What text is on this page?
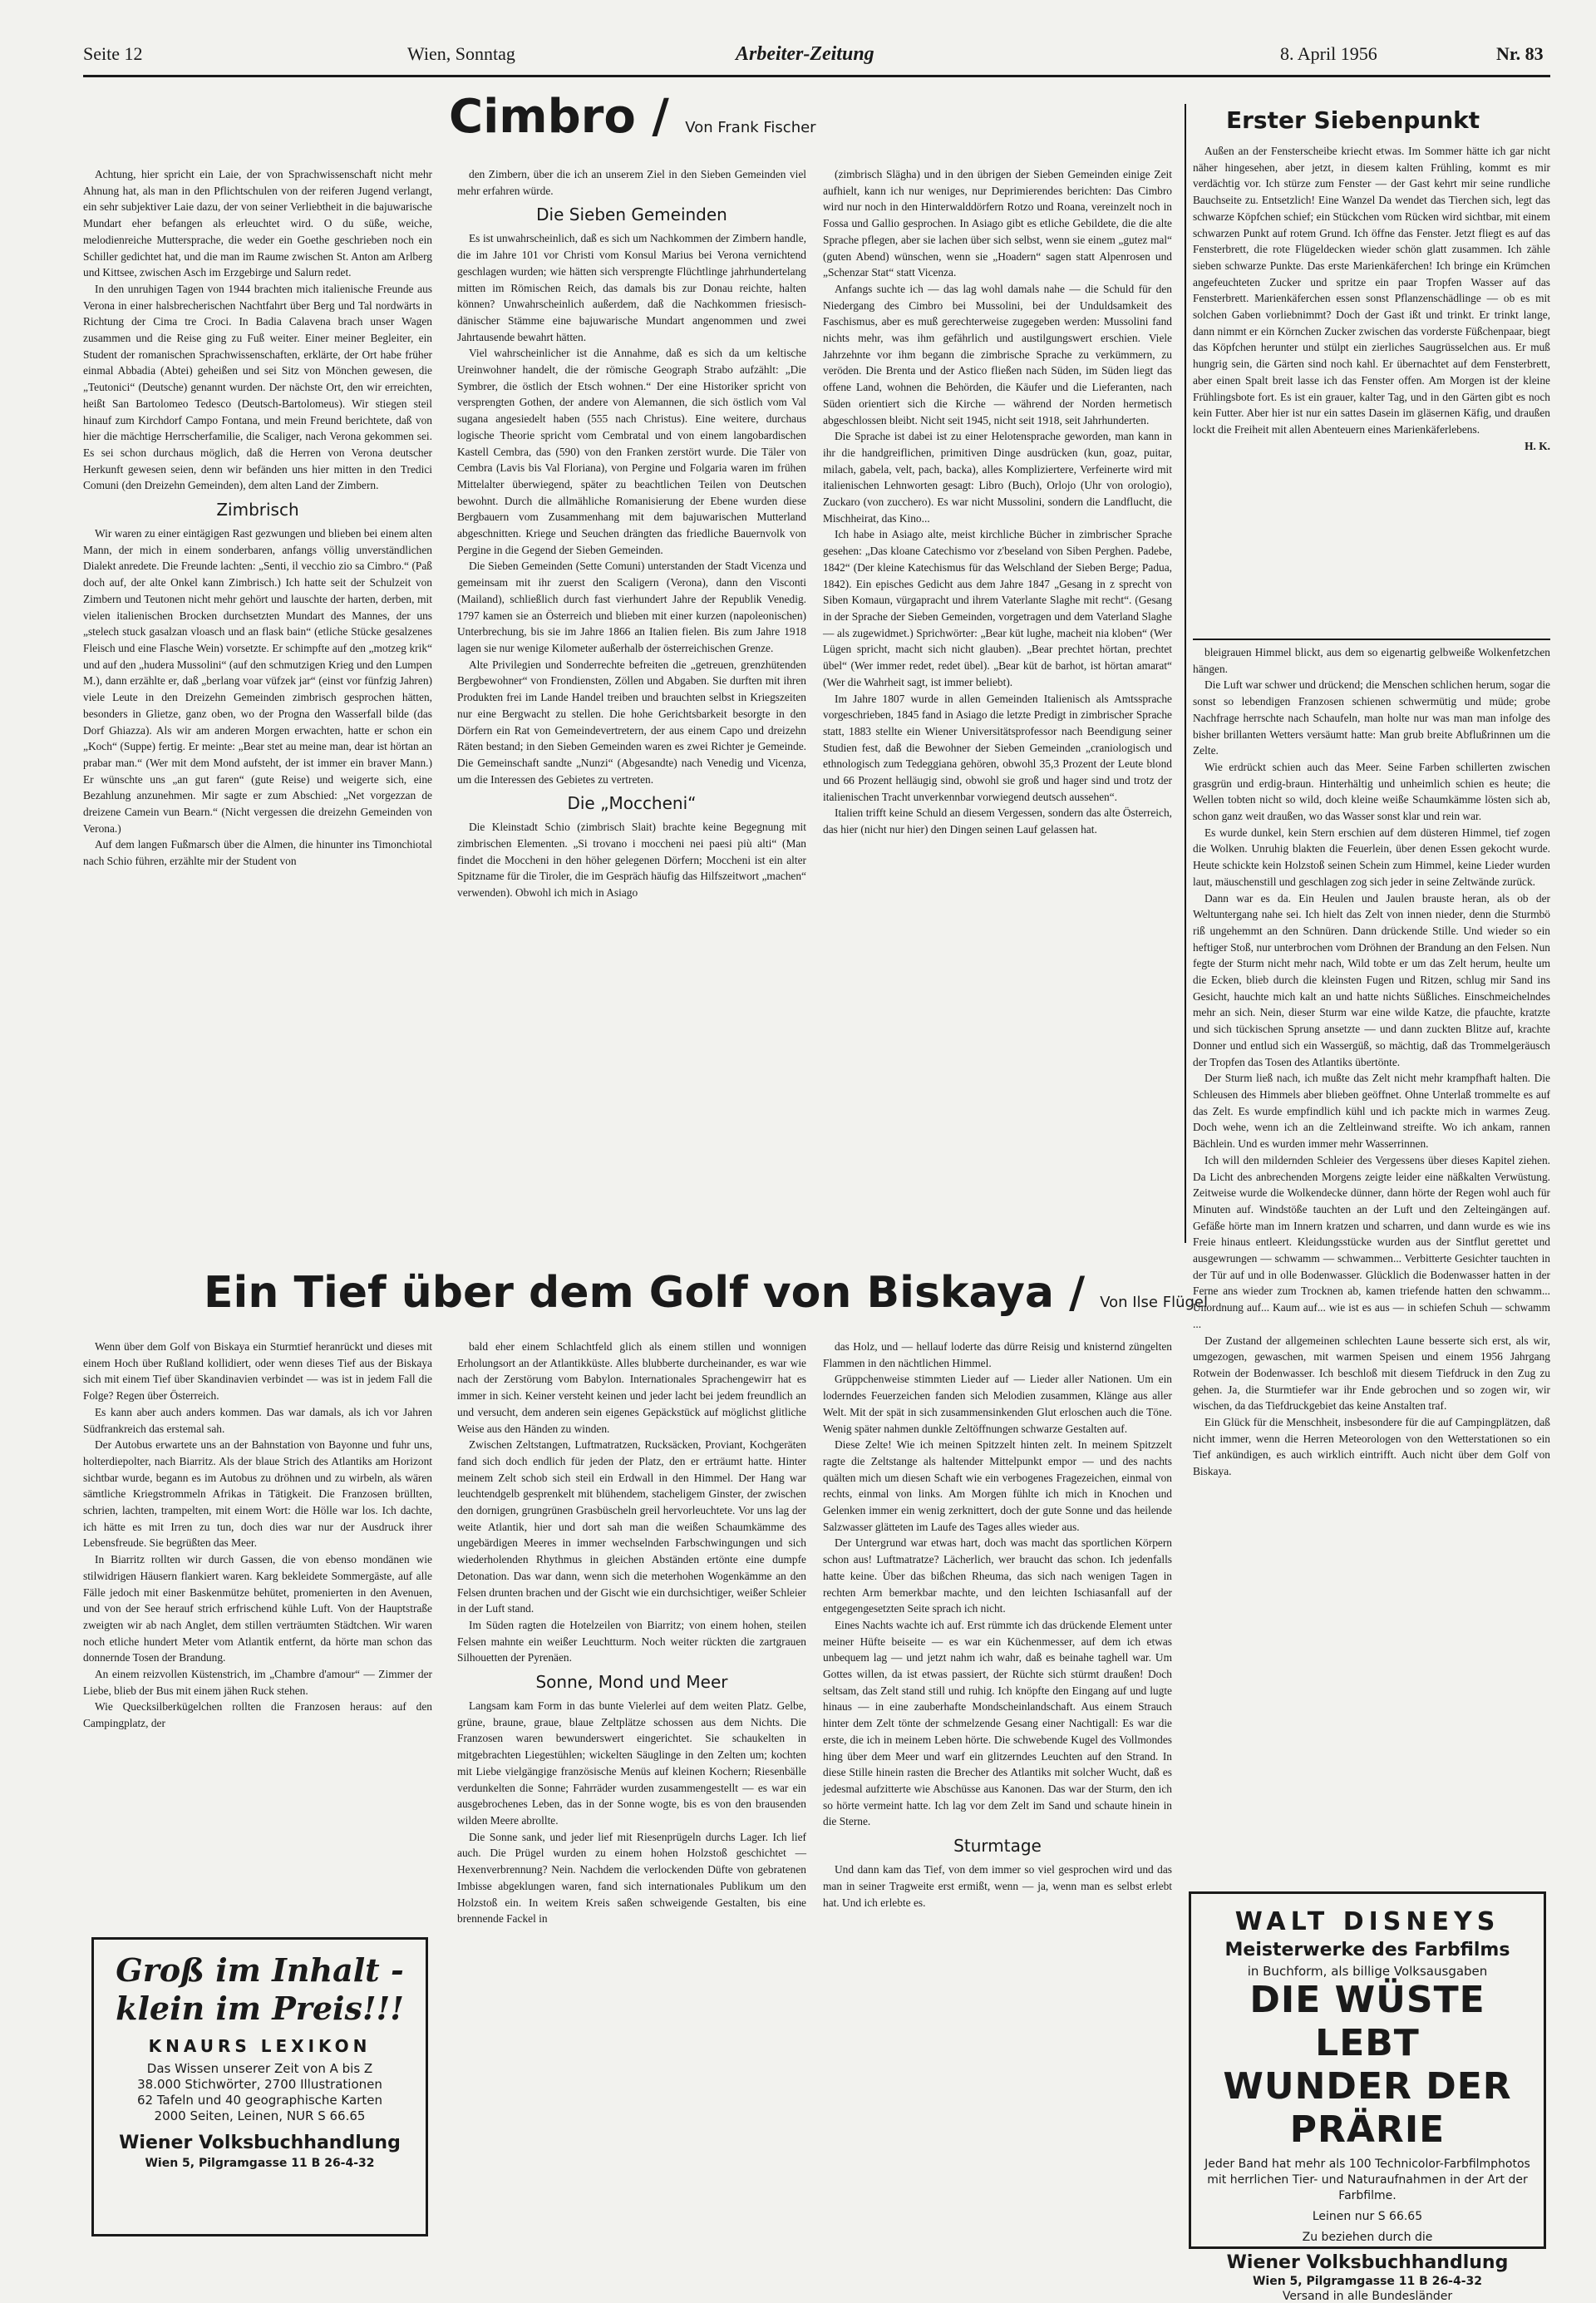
Seite 12	Wien, Sonntag	Arbeiter-Zeitung	8. April 1956	Nr. 83
Cimbro / Von Frank Fischer

Achtung, hier spricht ein Laie, der von Sprachwissenschaft nicht mehr Ahnung hat, als man in den Pflichtschulen von der reiferen Jugend verlangt, ein sehr subjektiver Laie dazu, der von seiner Verliebtheit in die bajuwarische Mundart eher befangen als erleuchtet wird. O du süße, weiche, melodienreiche Muttersprache, die weder ein Goethe geschrieben noch ein Schiller gedichtet hat, und die man im Raume zwischen St. Anton am Arlberg und Kittsee, zwischen Asch im Erzgebirge und Salurn redet.

In den unruhigen Tagen von 1944 brachten mich italienische Freunde aus Verona in einer halsbrecherischen Nachtfahrt über Berg und Tal nordwärts in Richtung der Cima tre Croci. In Badia Calavena brach unser Wagen zusammen und die Reise ging zu Fuß weiter. Einer meiner Begleiter, ein Student der romanischen Sprachwissenschaften, erklärte, der Ort habe früher einmal Abbadia (Abtei) geheißen und sei Sitz von Mönchen gewesen, die „Teutonici“ (Deutsche) genannt wurden. Der nächste Ort, den wir erreichten, heißt San Bartolomeo Tedesco (Deutsch-Bartolomeus). Wir stiegen steil hinauf zum Kirchdorf Campo Fontana, und mein Freund berichtete, daß von hier die mächtige Herrscherfamilie, die Scaliger, nach Verona gekommen sei. Es sei schon durchaus möglich, daß die Herren von Verona deutscher Herkunft gewesen seien, denn wir befänden uns hier mitten in den Tredici Comuni (den Dreizehn Gemeinden), dem alten Land der Zimbern.

Zimbrisch

Wir waren zu einer eintägigen Rast gezwungen und blieben bei einem alten Mann, der mich in einem sonderbaren, anfangs völlig unverständlichen Dialekt anredete. Die Freunde lachten: „Senti, il vecchio zio sa Cimbro.“ (Paß doch auf, der alte Onkel kann Zimbrisch.) Ich hatte seit der Schulzeit von Zimbern und Teutonen nicht mehr gehört und lauschte der harten, derben, mit vielen italienischen Brocken durchsetzten Mundart des Mannes, der uns „stelech stuck gasalzan vloasch und an flask bain“ (etliche Stücke gesalzenes Fleisch und eine Flasche Wein) vorsetzte. Er schimpfte auf den „motzeg krik“ und auf den „hudera Mussolini“ (auf den schmutzigen Krieg und den Lumpen M.), dann erzählte er, daß „berlang voar vüfzek jar“ (einst vor fünfzig Jahren) viele Leute in den Dreizehn Gemeinden zimbrisch gesprochen hätten, besonders in Glietze, ganz oben, wo der Progna den Wasserfall bilde (das Dorf Ghiazza). Als wir am anderen Morgen erwachten, hatte er schon ein „Koch“ (Suppe) fertig. Er meinte: „Bear stet au meine man, dear ist hörtan an prabar man.“ (Wer mit dem Mond aufsteht, der ist immer ein braver Mann.) Er wünschte uns „an gut faren“ (gute Reise) und weigerte sich, eine Bezahlung anzunehmen. Mir sagte er zum Abschied: „Net vorgezzan de dreizene Camein vun Bearn.“ (Nicht vergessen die dreizehn Gemeinden von Verona.)

Auf dem langen Fußmarsch über die Almen, die hinunter ins Timonchiotal nach Schio führen, erzählte mir der Student von

den Zimbern, über die ich an unserem Ziel in den Sieben Gemeinden viel mehr erfahren würde.

Die Sieben Gemeinden

Es ist unwahrscheinlich, daß es sich um Nachkommen der Zimbern handle, die im Jahre 101 vor Christi vom Konsul Marius bei Verona vernichtend geschlagen wurden; wie hätten sich versprengte Flüchtlinge jahrhundertelang mitten im Römischen Reich, das damals bis zur Donau reichte, halten können? Unwahrscheinlich außerdem, daß die Nachkommen friesisch-dänischer Stämme eine bajuwarische Mundart angenommen und zwei Jahrtausende bewahrt hätten.

Viel wahrscheinlicher ist die Annahme, daß es sich da um keltische Ureinwohner handelt, die der römische Geograph Strabo aufzählt: „Die Symbrer, die östlich der Etsch wohnen.“ Der eine Historiker spricht von versprengten Gothen, der andere von Alemannen, die sich östlich vom Val sugana angesiedelt haben (555 nach Christus). Eine weitere, durchaus logische Theorie spricht vom Cembratal und von einem langobardischen Kastell Cembra, das (590) von den Franken zerstört wurde. Die Täler von Cembra (Lavis bis Val Floriana), von Pergine und Folgaria waren im frühen Mittelalter überwiegend, später zu beachtlichen Teilen von Deutschen bewohnt. Durch die allmähliche Romanisierung der Ebene wurden diese Bergbauern vom Zusammenhang mit dem bajuwarischen Mutterland abgeschnitten. Kriege und Seuchen drängten das friedliche Bauernvolk von Pergine in die Gegend der Sieben Gemeinden.

Die Sieben Gemeinden (Sette Comuni) unterstanden der Stadt Vicenza und gemeinsam mit ihr zuerst den Scaligern (Verona), dann den Visconti (Mailand), schließlich durch fast vierhundert Jahre der Republik Venedig. 1797 kamen sie an Österreich und blieben mit einer kurzen (napoleonischen) Unterbrechung, bis sie im Jahre 1866 an Italien fielen. Bis zum Jahre 1918 lagen sie nur wenige Kilometer außerhalb der österreichischen Grenze.

Alte Privilegien und Sonderrechte befreiten die „getreuen, grenzhütenden Bergbewohner“ von Frondiensten, Zöllen und Abgaben. Sie durften mit ihren Produkten frei im Lande Handel treiben und brauchten selbst in Kriegszeiten nur eine Bergwacht zu stellen. Die hohe Gerichtsbarkeit besorgte in den Dörfern ein Rat von Gemeindevertretern, der aus einem Capo und dreizehn Räten bestand; in den Sieben Gemeinden waren es zwei Richter je Gemeinde. Die Gemeinschaft sandte „Nunzi“ (Abgesandte) nach Venedig und Vicenza, um die Interessen des Gebietes zu vertreten.

Die „Moccheni“

Die Kleinstadt Schio (zimbrisch Slait) brachte keine Begegnung mit zimbrischen Elementen. „Si trovano i moccheni nei paesi più alti“ (Man findet die Moccheni in den höher gelegenen Dörfern; Moccheni ist ein alter Spitzname für die Tiroler, die im Gespräch häufig das Hilfszeitwort „machen“ verwenden). Obwohl ich mich in Asiago

(zimbrisch Slägha) und in den übrigen der Sieben Gemeinden einige Zeit aufhielt, kann ich nur weniges, nur Deprimierendes berichten: Das Cimbro wird nur noch in den Hinterwalddörfern Rotzo und Roana, vereinzelt noch in Fossa und Gallio gesprochen. In Asiago gibt es etliche Gebildete, die die alte Sprache pflegen, aber sie lachen über sich selbst, wenn sie einem „gutez mal“ (guten Abend) wünschen, wenn sie „Hoadern“ sagen statt Alpenrosen und „Schenzar Stat“ statt Vicenza.

Anfangs suchte ich — das lag wohl damals nahe — die Schuld für den Niedergang des Cimbro bei Mussolini, bei der Unduldsamkeit des Faschismus, aber es muß gerechterweise zugegeben werden: Mussolini fand nichts mehr, was ihm gefährlich und austilgungswert erschien. Viele Jahrzehnte vor ihm begann die zimbrische Sprache zu verkümmern, zu veröden. Die Brenta und der Astico fließen nach Süden, im Süden liegt das offene Land, wohnen die Behörden, die Käufer und die Lieferanten, nach Süden orientiert sich die Kirche — während der Norden hermetisch abgeschlossen bleibt. Nicht seit 1945, nicht seit 1918, seit Jahrhunderten.

Die Sprache ist dabei ist zu einer Helotensprache geworden, man kann in ihr die handgreiflichen, primitiven Dinge ausdrücken (kun, goaz, puitar, milach, gabela, velt, pach, backa), alles Kompliziertere, Verfeinerte wird mit italienischen Lehnworten gesagt: Libro (Buch), Orlojo (Uhr von orologio), Zuckaro (von zucchero). Es war nicht Mussolini, sondern die Landflucht, die Mischheirat, das Kino...

Ich habe in Asiago alte, meist kirchliche Bücher in zimbrischer Sprache gesehen: „Das kloane Catechismo vor z'beseland von Siben Perghen. Padebe, 1842“ (Der kleine Katechismus für das Welschland der Sieben Berge; Padua, 1842). Ein episches Gedicht aus dem Jahre 1847 „Gesang in z sprecht von Siben Komaun, vürgapracht und ihrem Vaterlante Slaghe mit recht“. (Gesang in der Sprache der Sieben Gemeinden, vorgetragen und dem Vaterland Slaghe — als zugewidmet.) Sprichwörter: „Bear küt lughe, macheit nia kloben“ (Wer Lügen spricht, macht sich nicht glauben). „Bear prechtet hörtan, prechtet übel“ (Wer immer redet, redet übel). „Bear küt de barhot, ist hörtan amarat“ (Wer die Wahrheit sagt, ist immer beliebt).

Im Jahre 1807 wurde in allen Gemeinden Italienisch als Amtssprache vorgeschrieben, 1845 fand in Asiago die letzte Predigt in zimbrischer Sprache statt, 1883 stellte ein Wiener Universitätsprofessor nach Beendigung seiner Studien fest, daß die Bewohner der Sieben Gemeinden „craniologisch und ethnologisch zum Tedeggiana gehören, obwohl 35,3 Prozent der Leute blond und 66 Prozent helläugig sind, obwohl sie groß und hager sind und trotz der italienischen Tracht unverkennbar vorwiegend deutsch aussehen“.

Italien trifft keine Schuld an diesem Vergessen, sondern das alte Österreich, das hier (nicht nur hier) den Dingen seinen Lauf gelassen hat.

Erster Siebenpunkt

Außen an der Fensterscheibe kriecht etwas. Im Sommer hätte ich gar nicht näher hingesehen, aber jetzt, in diesem kalten Frühling, kommt es mir verdächtig vor. Ich stürze zum Fenster — der Gast kehrt mir seine rundliche Bauchseite zu. Entsetzlich! Eine Wanzel Da wendet das Tierchen sich, legt das schwarze Köpfchen schief; ein Stückchen vom Rücken wird sichtbar, mit einem schwarzen Punkt auf rotem Grund. Ich öffne das Fenster. Jetzt fliegt es auf das Fensterbrett, die rote Flügeldecken wieder schön glatt zusammen. Ich zähle sieben schwarze Punkte. Das erste Marienkäferchen! Ich bringe ein Krümchen angefeuchteten Zucker und spritze ein paar Tropfen Wasser auf das Fensterbrett. Marienkäferchen essen sonst Pflanzenschädlinge — ob es mit solchen Gaben vorliebnimmt? Doch der Gast ißt und trinkt. Er trinkt lange, dann nimmt er ein Körnchen Zucker zwischen das vorderste Füßchenpaar, biegt das Köpfchen herunter und stülpt ein zierliches Saugrüsselchen aus. Er muß hungrig sein, die Gärten sind noch kahl. Er übernachtet auf dem Fensterbrett, aber einen Spalt breit lasse ich das Fenster offen. Am Morgen ist der kleine Frühlingsbote fort. Es ist ein grauer, kalter Tag, und in den Gärten gibt es noch kein Futter. Aber hier ist nur ein sattes Dasein im gläsernen Käfig, und draußen lockt die Freiheit mit allen Abenteuern eines Marienkäferlebens.

H. K.

bleigrauen Himmel blickt, aus dem so eigenartig gelbweiße Wolkenfetzchen hängen.

Die Luft war schwer und drückend; die Menschen schlichen herum, sogar die sonst so lebendigen Franzosen schienen schwermütig und müde; grobe Nachfrage herrschte nach Schaufeln, man holte nur was man man infolge des bisher brillanten Wetters versäumt hatte: Man grub breite Abflußrinnen um die Zelte.

Wie erdrückt schien auch das Meer. Seine Farben schillerten zwischen grasgrün und erdig-braun. Hinterhältig und unheimlich schien es heute; die Wellen tobten nicht so wild, doch kleine weiße Schaumkämme lösten sich ab, schon ganz weit draußen, wo das Wasser sonst klar und rein war.

Es wurde dunkel, kein Stern erschien auf dem düsteren Himmel, tief zogen die Wolken. Unruhig blakten die Feuerlein, über denen Essen gekocht wurde. Heute schickte kein Holzstoß seinen Schein zum Himmel, keine Lieder wurden laut, mäuschenstill und geschlagen zog sich jeder in seine Zeltwände zurück.

Dann war es da. Ein Heulen und Jaulen brauste heran, als ob der Weltuntergang nahe sei. Ich hielt das Zelt von innen nieder, denn die Sturmbö riß ungehemmt an den Schnüren. Dann drückende Stille. Und wieder so ein heftiger Stoß, nur unterbrochen vom Dröhnen der Brandung an den Felsen. Nun fegte der Sturm nicht mehr nach, Wild tobte er um das Zelt herum, heulte um die Ecken, blieb durch die kleinsten Fugen und Ritzen, schlug mir Sand ins Gesicht, hauchte mich kalt an und hatte nichts Süßliches. Einschmeichelndes mehr an sich. Nein, dieser Sturm war eine wilde Katze, die pfauchte, kratzte und sich tückischen Sprung ansetzte — und dann zuckten Blitze auf, krachte Donner und entlud sich ein Wassergüß, so mächtig, daß das Trommelgeräusch der Tropfen das Tosen des Atlantiks übertönte.

Der Sturm ließ nach, ich mußte das Zelt nicht mehr krampfhaft halten. Die Schleusen des Himmels aber blieben geöffnet. Ohne Unterlaß trommelte es auf das Zelt. Es wurde empfindlich kühl und ich packte mich in warmes Zeug. Doch wehe, wenn ich an die Zeltleinwand streifte. Wo ich ankam, rannen Bächlein. Und es wurden immer mehr Wasserrinnen.

Ich will den mildernden Schleier des Vergessens über dieses Kapitel ziehen. Da Licht des anbrechenden Morgens zeigte leider eine näßkalten Verwüstung. Zeitweise wurde die Wolkendecke dünner, dann hörte der Regen wohl auch für Minuten auf. Windstöße tauchten an der Luft und den Zelteingängen auf. Gefäße hörte man im Innern kratzen und scharren, und dann wurde es wie ins Freie hinaus entleert. Kleidungsstücke wurden aus der Sintflut gerettet und ausgewrungen — schwamm — schwammen... Verbitterte Gesichter tauchten in der Tür auf und in olle Bodenwasser. Glücklich die Bodenwasser hatten in der Ferne ans wieder zum Trocknen ab, kamen triefende hatten den schwamm... Unordnung auf... Kaum auf... wie ist es aus — in schiefen Schuh — schwamm ...

Der Zustand der allgemeinen schlechten Laune besserte sich erst, als wir, umgezogen, gewaschen, mit warmen Speisen und einem 1956 Jahrgang Rotwein der Bodenwasser. Ich beschloß mit diesem Tiefdruck in den Zug zu gehen. Ja, die Sturmtiefer war ihr Ende gebrochen und so zogen wir, wir wischen, da das Tiefdruckgebiet das keine Anstalten traf.

Ein Glück für die Menschheit, insbesondere für die auf Campingplätzen, daß nicht immer, wenn die Herren Meteorologen von den Wetterstationen so ein Tief ankündigen, es auch wirklich eintrifft. Auch nicht über dem Golf von Biskaya.

Ein Tief über dem Golf von Biskaya / Von Ilse Flügel

Wenn über dem Golf von Biskaya ein Sturmtief heranrückt und dieses mit einem Hoch über Rußland kollidiert, oder wenn dieses Tief aus der Biskaya sich mit einem Tief über Skandinavien verbindet — was ist in jedem Fall die Folge? Regen über Österreich.

Es kann aber auch anders kommen. Das war damals, als ich vor Jahren Südfrankreich das erstemal sah.

Der Autobus erwartete uns an der Bahnstation von Bayonne und fuhr uns, holterdiepolter, nach Biarritz. Als der blaue Strich des Atlantiks am Horizont sichtbar wurde, begann es im Autobus zu dröhnen und zu wirbeln, als wären sämtliche Kriegstrommeln Afrikas in Tätigkeit. Die Franzosen brüllten, schrien, lachten, trampelten, mit einem Wort: die Hölle war los. Ich dachte, ich hätte es mit Irren zu tun, doch dies war nur der Ausdruck ihrer Lebensfreude. Sie begrüßten das Meer.

In Biarritz rollten wir durch Gassen, die von ebenso mondänen wie stilwidrigen Häusern flankiert waren. Karg bekleidete Sommergäste, auf alle Fälle jedoch mit einer Baskenmütze behütet, promenierten in den Avenuen, und von der See herauf strich erfrischend kühle Luft. Von der Hauptstraße zweigten wir ab nach Anglet, dem stillen verträumten Städtchen. Wir waren noch etliche hundert Meter vom Atlantik entfernt, da hörte man schon das donnernde Tosen der Brandung.

An einem reizvollen Küstenstrich, im „Chambre d'amour“ — Zimmer der Liebe, blieb der Bus mit einem jähen Ruck stehen.

Wie Quecksilberkügelchen rollten die Franzosen heraus: auf den Campingplatz, der

bald eher einem Schlachtfeld glich als einem stillen und wonnigen Erholungsort an der Atlantikküste. Alles blubberte durcheinander, es war wie nach der Zerstörung vom Babylon. Internationales Sprachengewirr hat es immer in sich. Keiner versteht keinen und jeder lacht bei jedem freundlich an und versucht, dem anderen sein eigenes Gepäckstück auf möglichst glitliche Weise aus den Händen zu winden.

Zwischen Zeltstangen, Luftmatratzen, Rucksäcken, Proviant, Kochgeräten fand sich doch endlich für jeden der Platz, den er erträumt hatte. Hinter meinem Zelt schob sich steil ein Erdwall in den Himmel. Der Hang war leuchtendgelb gesprenkelt mit blühendem, stacheligem Ginster, der zwischen den dornigen, grungrünen Grasbüscheln greil hervorleuchtete. Vor uns lag der weite Atlantik, hier und dort sah man die weißen Schaumkämme des ungebärdigen Meeres in immer wechselnden Farbschwingungen und sich wiederholenden Rhythmus in gleichen Abständen ertönte eine dumpfe Detonation. Das war dann, wenn sich die meterhohen Wogenkämme an den Felsen drunten brachen und der Gischt wie ein durchsichtiger, weißer Schleier in der Luft stand.

Im Süden ragten die Hotelzeilen von Biarritz; von einem hohen, steilen Felsen mahnte ein weißer Leuchtturm. Noch weiter rückten die zartgrauen Silhouetten der Pyrenäen.

Sonne, Mond und Meer

Langsam kam Form in das bunte Vielerlei auf dem weiten Platz. Gelbe, grüne, braune, graue, blaue Zeltplätze schossen aus dem Nichts. Die Franzosen waren bewunderswert eingerichtet. Sie schaukelten in mitgebrachten Liegestühlen; wickelten Säuglinge in den Zelten um; kochten mit Liebe vielgängige französische Menüs auf kleinen Kochern; Riesenbälle verdunkelten die Sonne; Fahrräder wurden zusammengestellt — es war ein ausgebrochenes Leben, das in der Sonne wogte, bis es von den brausenden wilden Meere abrollte.

Die Sonne sank, und jeder lief mit Riesenprügeln durchs Lager. Ich lief auch. Die Prügel wurden zu einem hohen Holzstoß geschichtet — Hexenverbrennung? Nein. Nachdem die verlockenden Düfte von gebratenen Imbisse abgeklungen waren, fand sich internationales Publikum um den Holzstoß ein. In weitem Kreis saßen schweigende Gestalten, bis eine brennende Fackel in

das Holz, und — hellauf loderte das dürre Reisig und knisternd züngelten Flammen in den nächtlichen Himmel.

Grüppchenweise stimmten Lieder auf — Lieder aller Nationen. Um ein loderndes Feuerzeichen fanden sich Melodien zusammen, Klänge aus aller Welt. Mit der spät in sich zusammensinkenden Glut erloschen auch die Töne. Wenig später nahmen dunkle Zeltöffnungen schwarze Gestalten auf.

Diese Zelte! Wie ich meinen Spitzzelt hinten zelt. In meinem Spitzzelt ragte die Zeltstange als haltender Mittelpunkt empor — und des nachts quälten mich um diesen Schaft wie ein verbogenes Fragezeichen, einmal von rechts, einmal von links. Am Morgen fühlte ich mich in Knochen und Gelenken immer ein wenig zerknittert, doch der gute Sonne und das heilende Salzwasser glätteten im Laufe des Tages alles wieder aus.

Der Untergrund war etwas hart, doch was macht das sportlichen Körpern schon aus! Luftmatratze? Lächerlich, wer braucht das schon. Ich jedenfalls hatte keine. Über das bißchen Rheuma, das sich nach wenigen Tagen in rechten Arm bemerkbar machte, und den leichten Ischiasanfall auf der entgegengesetzten Seite sprach ich nicht.

Eines Nachts wachte ich auf. Erst rümmte ich das drückende Element unter meiner Hüfte beiseite — es war ein Küchenmesser, auf dem ich etwas unbequem lag — und jetzt nahm ich wahr, daß es beinahe taghell war. Um Gottes willen, da ist etwas passiert, der Rüchte sich stürmt draußen! Doch seltsam, das Zelt stand still und ruhig. Ich knöpfte den Eingang auf und lugte hinaus — in eine zauberhafte Mondscheinlandschaft. Aus einem Strauch hinter dem Zelt tönte der schmelzende Gesang einer Nachtigall: Es war die erste, die ich in meinem Leben hörte. Die schwebende Kugel des Vollmondes hing über dem Meer und warf ein glitzerndes Leuchten auf den Strand. In diese Stille hinein rasten die Brecher des Atlantiks mit solcher Wucht, daß es jedesmal aufzitterte wie Abschüsse aus Kanonen. Das war der Sturm, den ich so hörte vermeint hatte. Ich lag vor dem Zelt im Sand und schaute hinein in die Sterne.

Sturmtage

Und dann kam das Tief, von dem immer so viel gesprochen wird und das man in seiner Tragweite erst ermißt, wenn — ja, wenn man es selbst erlebt hat. Und ich erlebte es.

Groß im Inhalt -
klein im Preis!!!
KNAURS LEXIKON
Das Wissen unserer Zeit von A bis Z
38.000 Stichwörter, 2700 Illustrationen
62 Tafeln und 40 geographische Karten
2000 Seiten, Leinen, NUR S 66.65
Wiener Volksbuchhandlung
Wien 5, Pilgramgasse 11 B 26-4-32
WALT DISNEYS
Meisterwerke des Farbfilms
in Buchform, als billige Volksausgaben
DIE WÜSTE LEBT
WUNDER DER PRÄRIE
Jeder Band hat mehr als 100 Technicolor-Farbfilmphotos mit herrlichen Tier- und Naturaufnahmen in der Art der Farbfilme.
Leinen nur S 66.65
Zu beziehen durch die
Wiener Volksbuchhandlung
Wien 5, Pilgramgasse 11 B 26-4-32
Versand in alle Bundesländer
